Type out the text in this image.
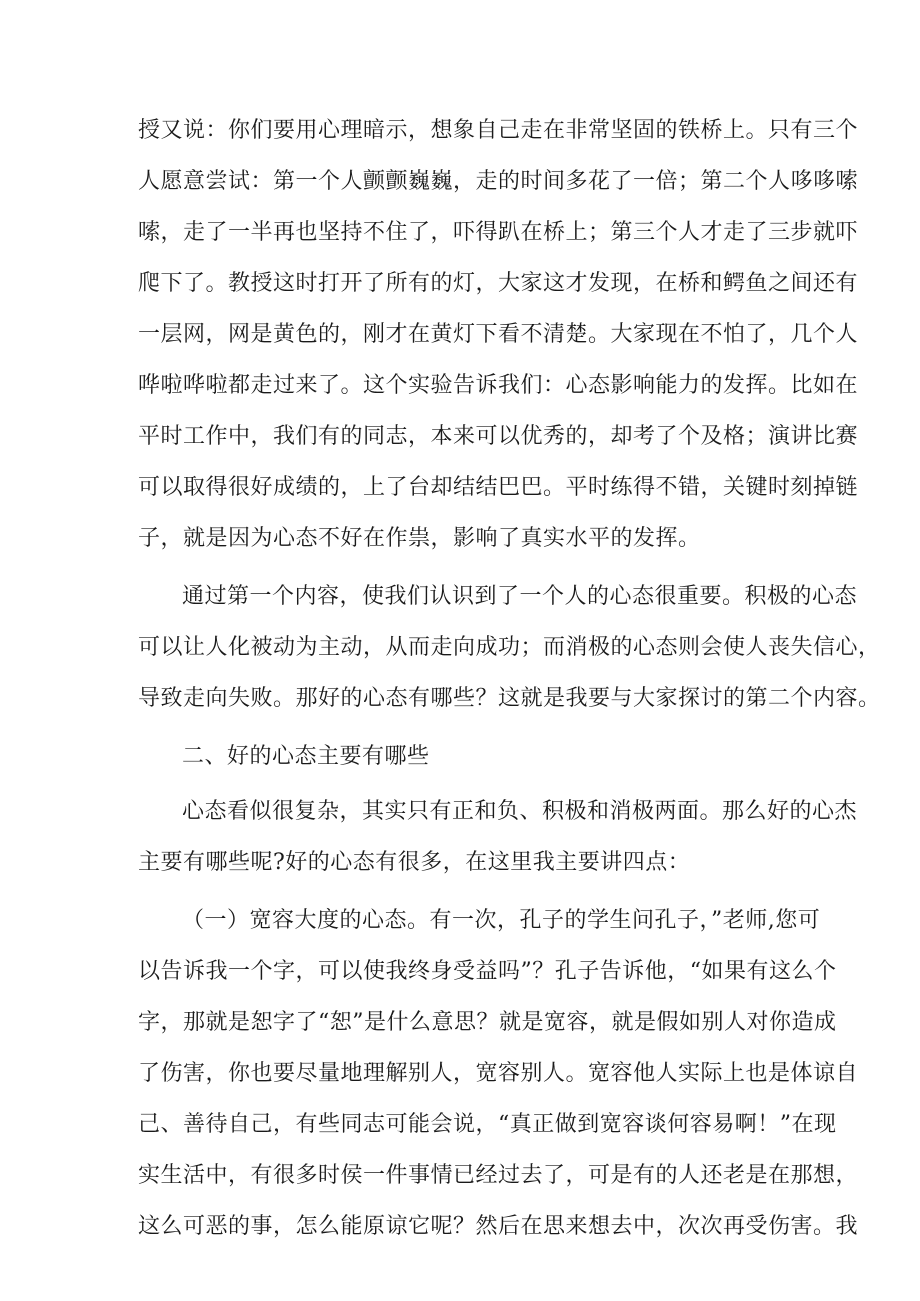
授又说：你们要用心理暗示，想象自己走在非常坚固的铁桥上。只有三个
人愿意尝试：第一个人颤颤巍巍，走的时间多花了一倍；第二个人哆哆嗦
嗦，走了一半再也坚持不住了，吓得趴在桥上；第三个人才走了三步就吓
爬下了。教授这时打开了所有的灯，大家这才发现，在桥和鳄鱼之间还有
一层网，网是黄色的，刚才在黄灯下看不清楚。大家现在不怕了，几个人
哗啦哗啦都走过来了。这个实验告诉我们：心态影响能力的发挥。比如在
平时工作中，我们有的同志，本来可以优秀的，却考了个及格；演讲比赛
可以取得很好成绩的，上了台却结结巴巴。平时练得不错，关键时刻掉链
子，就是因为心态不好在作祟，影响了真实水平的发挥。
通过第一个内容，使我们认识到了一个人的心态很重要。积极的心态
可以让人化被动为主动，从而走向成功；而消极的心态则会使人丧失信心，
导致走向失败。那好的心态有哪些？这就是我要与大家探讨的第二个内容。
二、好的心态主要有哪些
心态看似很复杂，其实只有正和负、积极和消极两面。那么好的心杰
主要有哪些呢?好的心态有很多，在这里我主要讲四点：
（一）宽容大度的心态。有一次，孔子的学生问孔子，”老师,您可
以告诉我一个字，可以使我终身受益吗”？孔子告诉他，“如果有这么个
字，那就是恕字了“恕”是什么意思？就是宽容，就是假如别人对你造成
了伤害，你也要尽量地理解别人，宽容别人。宽容他人实际上也是体谅自
己、善待自己，有些同志可能会说，“真正做到宽容谈何容易啊！”在现
实生活中，有很多时侯一件事情已经过去了，可是有的人还老是在那想，
这么可恶的事，怎么能原谅它呢？然后在思来想去中，次次再受伤害。我
